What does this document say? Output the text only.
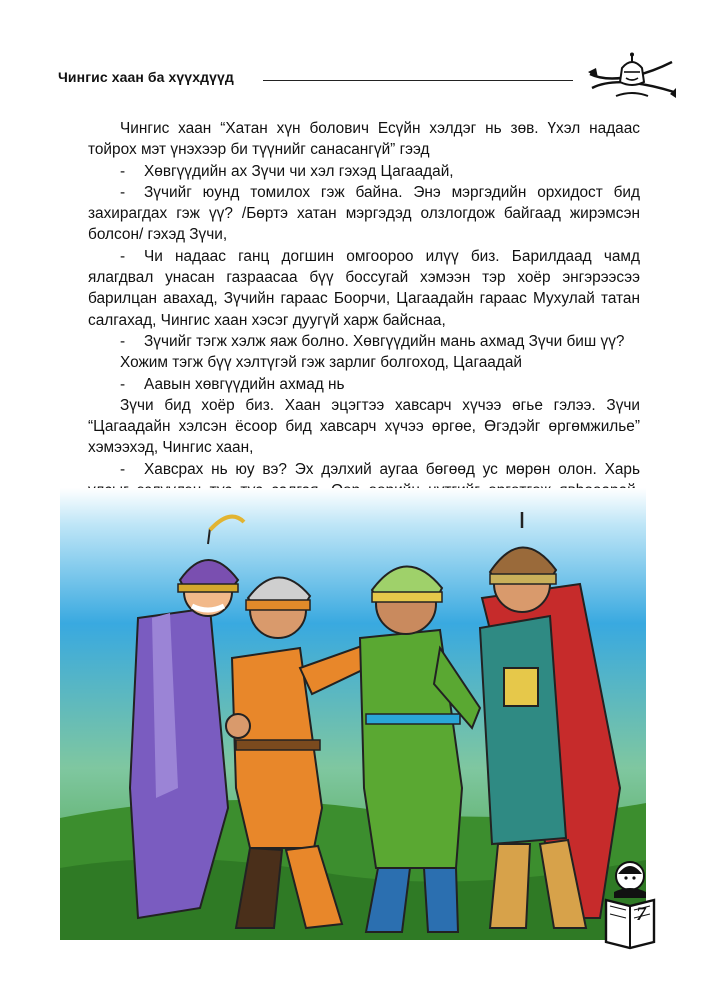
Чингис хаан ба хүүхдүүд

Чингис хаан “Хатан хүн болович Есүйн хэлдэг нь зөв. Үхэл надаас тойрох мэт үнэхээр би түүнийг санасангүй” гээд

- Хөвгүүдийн ах Зүчи чи хэл гэхэд Цагаадай,

- Зүчийг юунд томилох гэж байна. Энэ мэргэдийн орхидост бид захирагдах гэж үү? /Бөртэ хатан мэргэдэд олзлогдож байгаад жирэмсэн болсон/ гэхэд Зүчи,

- Чи надаас ганц догшин омгоороо илүү биз. Барилдаад чамд ялагдвал унасан газраасаа бүү боссугай хэмээн тэр хоёр энгэрээсээ барилцан авахад, Зүчийн гараас Боорчи, Цагаадайн гараас Мухулай татан салгахад, Чингис хаан хэсэг дуугүй харж байснаа,

- Зүчийг тэгж хэлж яаж болно. Хөвгүүдийн мань ахмад Зүчи биш үү?

Хожим тэгж бүү хэлтүгэй гэж зарлиг болгоход, Цагаадай

- Аавын хөвгүүдийн ахмад нь

Зүчи бид хоёр биз. Хаан эцэгтээ хавсарч хүчээ өгье гэлээ. Зүчи “Цагаадайн хэлсэн ёсоор бид хавсарч хүчээ өргөе, Өгэдэйг өргөмжилье” хэмээхэд, Чингис хаан,

- Хавсрах нь юу вэ? Эх дэлхий аугаа бөгөөд ус мөрөн олон. Харь

7
